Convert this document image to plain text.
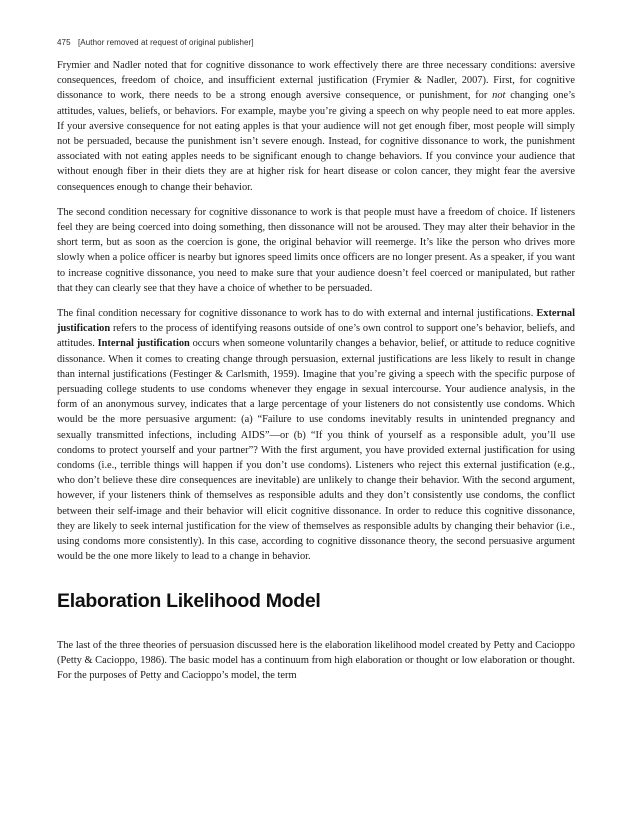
475 [Author removed at request of original publisher]

Frymier and Nadler noted that for cognitive dissonance to work effectively there are three necessary conditions: aversive consequences, freedom of choice, and insufficient external justification (Frymier & Nadler, 2007). First, for cognitive dissonance to work, there needs to be a strong enough aversive consequence, or punishment, for not changing one’s attitudes, values, beliefs, or behaviors. For example, maybe you’re giving a speech on why people need to eat more apples. If your aversive consequence for not eating apples is that your audience will not get enough fiber, most people will simply not be persuaded, because the punishment isn’t severe enough. Instead, for cognitive dissonance to work, the punishment associated with not eating apples needs to be significant enough to change behaviors. If you convince your audience that without enough fiber in their diets they are at higher risk for heart disease or colon cancer, they might fear the aversive consequences enough to change their behavior.

The second condition necessary for cognitive dissonance to work is that people must have a freedom of choice. If listeners feel they are being coerced into doing something, then dissonance will not be aroused. They may alter their behavior in the short term, but as soon as the coercion is gone, the original behavior will reemerge. It’s like the person who drives more slowly when a police officer is nearby but ignores speed limits once officers are no longer present. As a speaker, if you want to increase cognitive dissonance, you need to make sure that your audience doesn’t feel coerced or manipulated, but rather that they can clearly see that they have a choice of whether to be persuaded.

The final condition necessary for cognitive dissonance to work has to do with external and internal justifications. External justification refers to the process of identifying reasons outside of one’s own control to support one’s behavior, beliefs, and attitudes. Internal justification occurs when someone voluntarily changes a behavior, belief, or attitude to reduce cognitive dissonance. When it comes to creating change through persuasion, external justifications are less likely to result in change than internal justifications (Festinger & Carlsmith, 1959). Imagine that you’re giving a speech with the specific purpose of persuading college students to use condoms whenever they engage in sexual intercourse. Your audience analysis, in the form of an anonymous survey, indicates that a large percentage of your listeners do not consistently use condoms. Which would be the more persuasive argument: (a) “Failure to use condoms inevitably results in unintended pregnancy and sexually transmitted infections, including AIDS”—or (b) “If you think of yourself as a responsible adult, you’ll use condoms to protect yourself and your partner”? With the first argument, you have provided external justification for using condoms (i.e., terrible things will happen if you don’t use condoms). Listeners who reject this external justification (e.g., who don’t believe these dire consequences are inevitable) are unlikely to change their behavior. With the second argument, however, if your listeners think of themselves as responsible adults and they don’t consistently use condoms, the conflict between their self-image and their behavior will elicit cognitive dissonance. In order to reduce this cognitive dissonance, they are likely to seek internal justification for the view of themselves as responsible adults by changing their behavior (i.e., using condoms more consistently). In this case, according to cognitive dissonance theory, the second persuasive argument would be the one more likely to lead to a change in behavior.

Elaboration Likelihood Model

The last of the three theories of persuasion discussed here is the elaboration likelihood model created by Petty and Cacioppo (Petty & Cacioppo, 1986). The basic model has a continuum from high elaboration or thought or low elaboration or thought. For the purposes of Petty and Cacioppo’s model, the term
